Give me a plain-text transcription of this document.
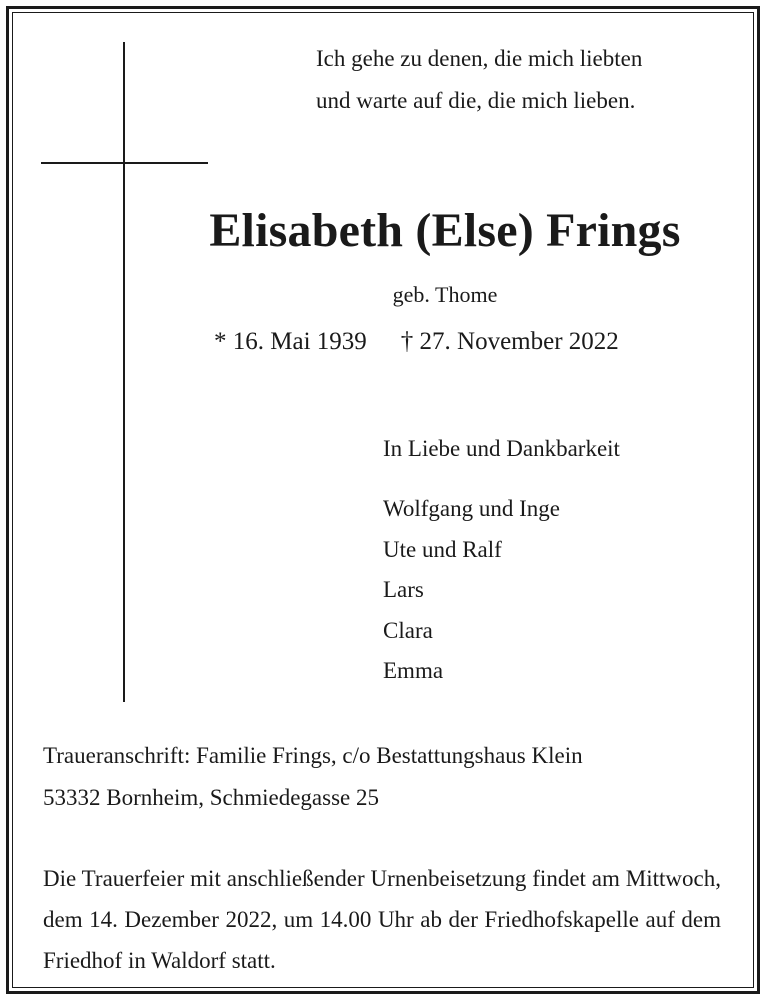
Ich gehe zu denen, die mich liebten
und warte auf die, die mich lieben.
Elisabeth (Else) Frings
geb. Thome
* 16. Mai 1939 † 27. November 2022
In Liebe und Dankbarkeit
Wolfgang und Inge
Ute und Ralf
Lars
Clara
Emma
Traueranschrift: Familie Frings, c/o Bestattungshaus Klein
53332 Bornheim, Schmiedegasse 25
Die Trauerfeier mit anschließender Urnenbeisetzung findet am Mittwoch, dem 14. Dezember 2022, um 14.00 Uhr ab der Friedhofskapelle auf dem Friedhof in Waldorf statt.
